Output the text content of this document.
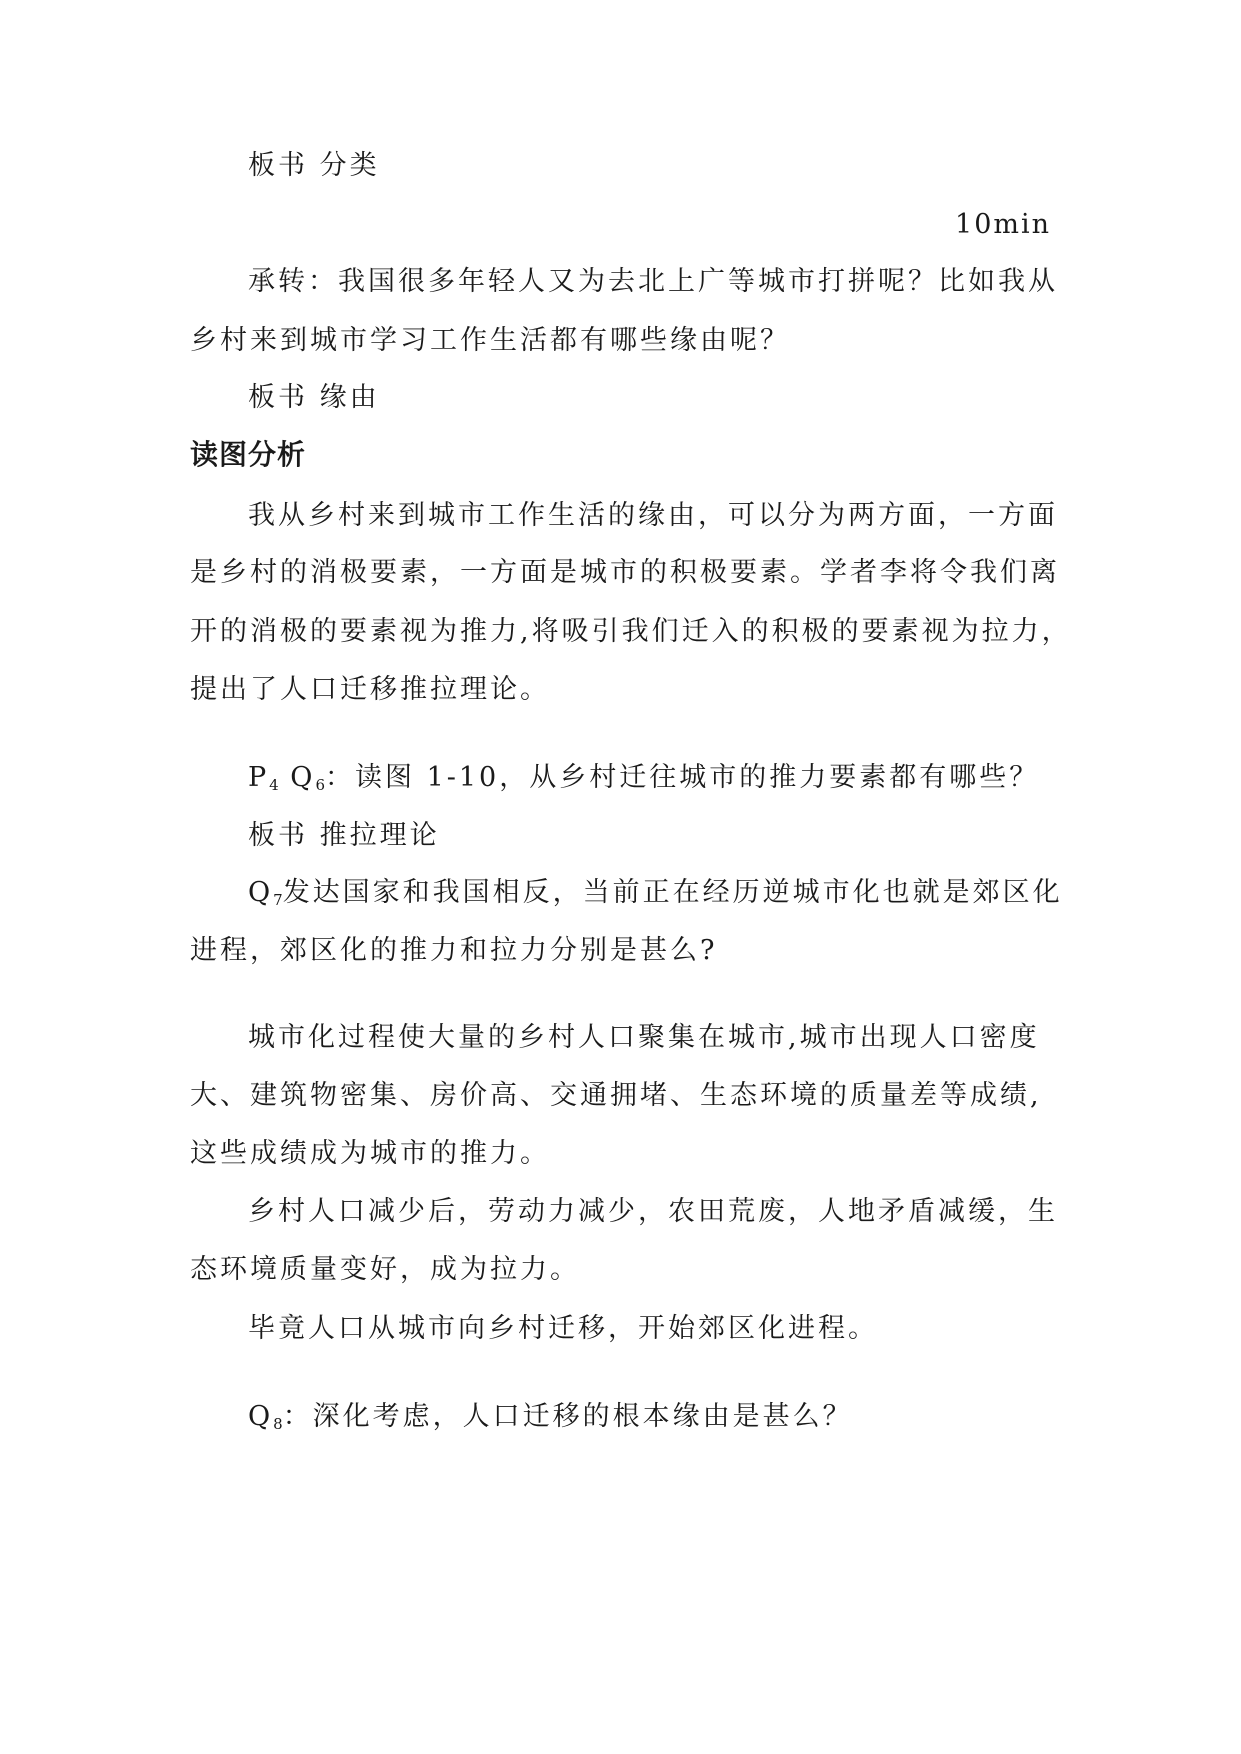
板书 分类
10min
承转：我国很多年轻人又为去北上广等城市打拼呢？比如我从
乡村来到城市学习工作生活都有哪些缘由呢？
板书 缘由
读图分析
我从乡村来到城市工作生活的缘由，可以分为两方面，一方面
是乡村的消极要素，一方面是城市的积极要素。学者李将令我们离
开的消极的要素视为推力,将吸引我们迁入的积极的要素视为拉力，
提出了人口迁移推拉理论。
$P_4$ $Q_6$：读图 1-10，从乡村迁往城市的推力要素都有哪些？
板书 推拉理论
$Q_7$发达国家和我国相反，当前正在经历逆城市化也就是郊区化
进程，郊区化的推力和拉力分别是甚么?
城市化过程使大量的乡村人口聚集在城市,城市出现人口密度
大、建筑物密集、房价高、交通拥堵、生态环境的质量差等成绩,
这些成绩成为城市的推力。
乡村人口减少后，劳动力减少，农田荒废，人地矛盾减缓，生
态环境质量变好，成为拉力。
毕竟人口从城市向乡村迁移，开始郊区化进程。
$Q_8$：深化考虑，人口迁移的根本缘由是甚么？
